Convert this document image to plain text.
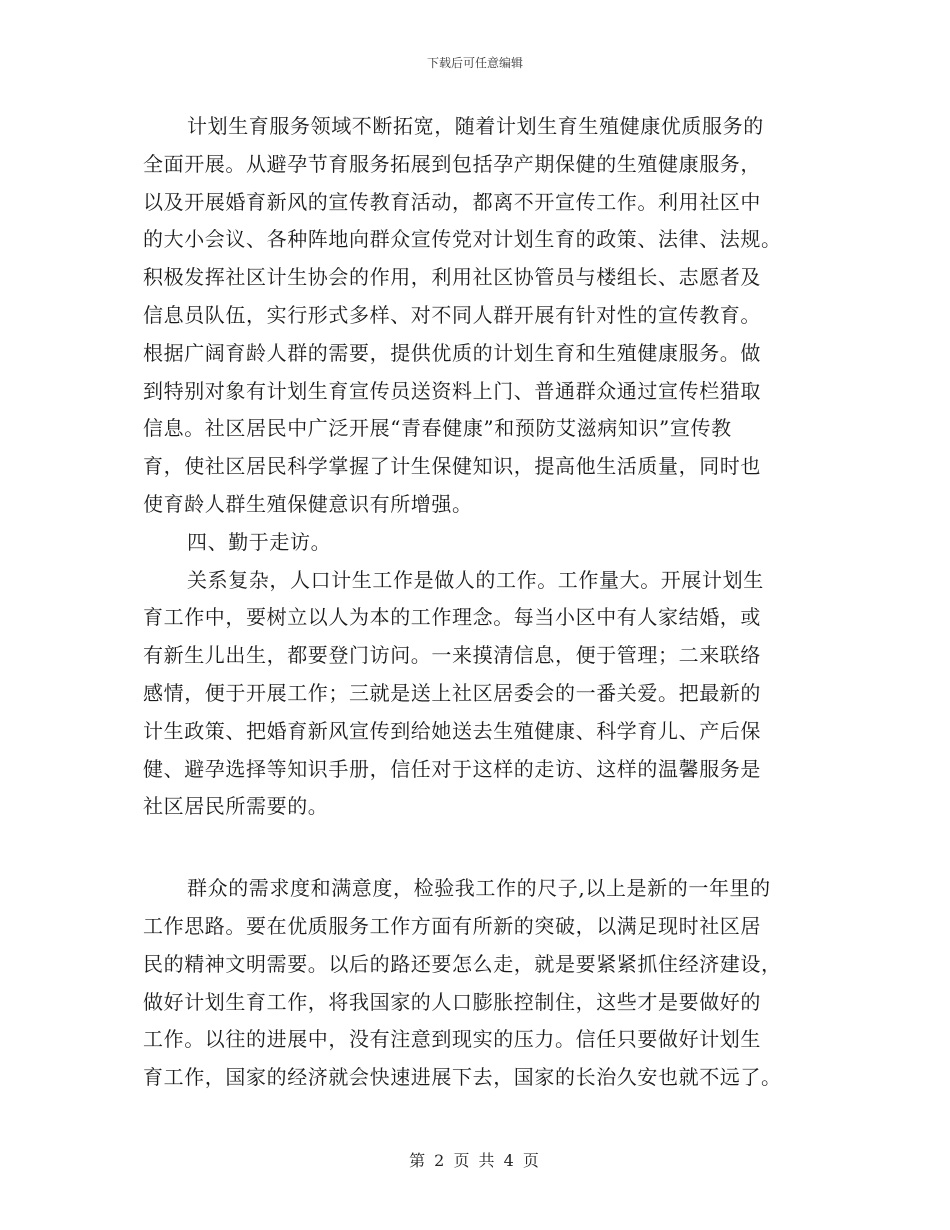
下载后可任意编辑
计划生育服务领域不断拓宽，随着计划生育生殖健康优质服务的
全面开展。从避孕节育服务拓展到包括孕产期保健的生殖健康服务，
以及开展婚育新风的宣传教育活动，都离不开宣传工作。利用社区中
的大小会议、各种阵地向群众宣传党对计划生育的政策、法律、法规。
积极发挥社区计生协会的作用，利用社区协管员与楼组长、志愿者及
信息员队伍，实行形式多样、对不同人群开展有针对性的宣传教育。
根据广阔育龄人群的需要，提供优质的计划生育和生殖健康服务。做
到特别对象有计划生育宣传员送资料上门、普通群众通过宣传栏猎取
信息。社区居民中广泛开展“青春健康”和预防艾滋病知识”宣传教
育，使社区居民科学掌握了计生保健知识，提高他生活质量，同时也
使育龄人群生殖保健意识有所增强。
四、勤于走访。
关系复杂，人口计生工作是做人的工作。工作量大。开展计划生
育工作中，要树立以人为本的工作理念。每当小区中有人家结婚，或
有新生儿出生，都要登门访问。一来摸清信息，便于管理；二来联络
感情，便于开展工作；三就是送上社区居委会的一番关爱。把最新的
计生政策、把婚育新风宣传到给她送去生殖健康、科学育儿、产后保
健、避孕选择等知识手册，信任对于这样的走访、这样的温馨服务是
社区居民所需要的。
群众的需求度和满意度，检验我工作的尺子,以上是新的一年里的
工作思路。要在优质服务工作方面有所新的突破，以满足现时社区居
民的精神文明需要。以后的路还要怎么走，就是要紧紧抓住经济建设，
做好计划生育工作，将我国家的人口膨胀控制住，这些才是要做好的
工作。以往的进展中，没有注意到现实的压力。信任只要做好计划生
育工作，国家的经济就会快速进展下去，国家的长治久安也就不远了。
第 2 页 共 4 页
